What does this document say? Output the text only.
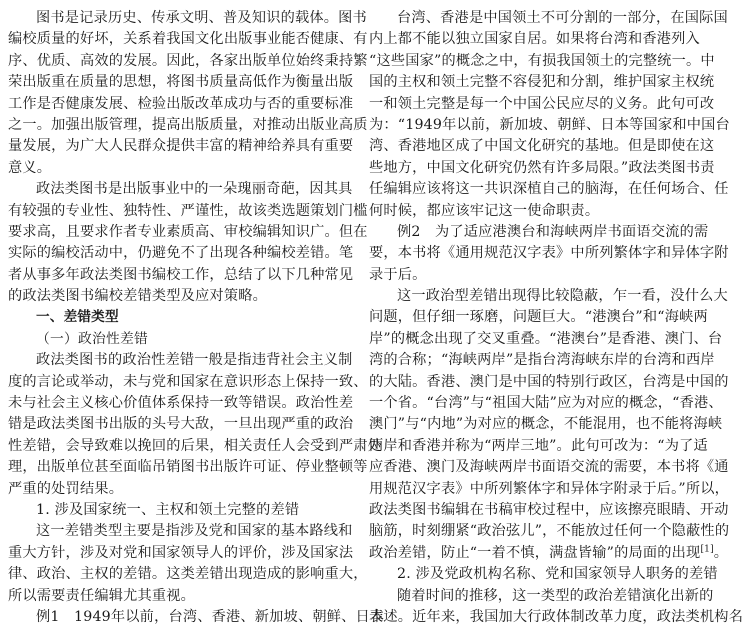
图书是记录历史、传承文明、普及知识的载体。图书
编校质量的好坏，关系着我国文化出版事业能否健康、有
序、优质、高效的发展。因此，各家出版单位始终秉持繁
荣出版重在质量的思想，将图书质量高低作为衡量出版
工作是否健康发展、检验出版改革成功与否的重要标准
之一。加强出版管理，提高出版质量，对推动出版业高质
量发展，为广大人民群众提供丰富的精神给养具有重要
意义。
政法类图书是出版事业中的一朵瑰丽奇葩，因其具
有较强的专业性、独特性、严谨性，故该类选题策划门槛
要求高，且要求作者专业素质高、审校编辑知识广。但在
实际的编校活动中，仍避免不了出现各种编校差错。笔
者从事多年政法类图书编校工作，总结了以下几种常见
的政法类图书编校差错类型及应对策略。
一、差错类型
（一）政治性差错
政法类图书的政治性差错一般是指违背社会主义制
度的言论或举动，未与党和国家在意识形态上保持一致、
未与社会主义核心价值体系保持一致等错误。政治性差
错是政法类图书出版的头号大敌，一旦出现严重的政治
性差错，会导致难以挽回的后果，相关责任人会受到严肃处
理，出版单位甚至面临吊销图书出版许可证、停业整顿等
严重的处罚结果。
1. 涉及国家统一、主权和领土完整的差错
这一差错类型主要是指涉及党和国家的基本路线和
重大方针，涉及对党和国家领导人的评价，涉及国家法
律、政治、主权的差错。这类差错出现造成的影响重大，
所以需要责任编辑尤其重视。
例1　1949年以前，台湾、香港、新加坡、朝鲜、日本
台湾、香港是中国领土不可分割的一部分，在国际国
内上都不能以独立国家自居。如果将台湾和香港列入
“这些国家”的概念之中，有损我国领土的完整统一。中
国的主权和领土完整不容侵犯和分割，维护国家主权统
一和领土完整是每一个中国公民应尽的义务。此句可改
为：“1949年以前，新加坡、朝鲜、日本等国家和中国台
湾、香港地区成了中国文化研究的基地。但是即使在这
些地方，中国文化研究仍然有许多局限。”政法类图书责
任编辑应该将这一共识深植自己的脑海，在任何场合、任
何时候，都应该牢记这一使命职责。
例2　为了适应港澳台和海峡两岸书面语交流的需
要，本书将《通用规范汉字表》中所列繁体字和异体字附
录于后。
这一政治型差错出现得比较隐蔽，乍一看，没什么大
问题，但仔细一琢磨，问题巨大。“港澳台”和“海峡两
岸”的概念出现了交叉重叠。“港澳台”是香港、澳门、台
湾的合称；“海峡两岸”是指台湾海峡东岸的台湾和西岸
的大陆。香港、澳门是中国的特别行政区，台湾是中国的
一个省。“台湾”与“祖国大陆”应为对应的概念，“香港、
澳门”与“内地”为对应的概念，不能混用，也不能将海峡
两岸和香港并称为“两岸三地”。此句可改为：“为了适
应香港、澳门及海峡两岸书面语交流的需要，本书将《通
用规范汉字表》中所列繁体字和异体字附录于后。”所以，
政法类图书编辑在书稿审校过程中，应该擦亮眼睛、开动
脑筋，时刻绷紧“政治弦儿”，不能放过任何一个隐蔽性的
政治差错，防止“一着不慎，满盘皆输”的局面的出现[1]。
2. 涉及党政机构名称、党和国家领导人职务的差错
随着时间的推移，这一类型的政治差错演化出新的
表述。近年来，我国加大行政体制改革力度，政法类机构名
